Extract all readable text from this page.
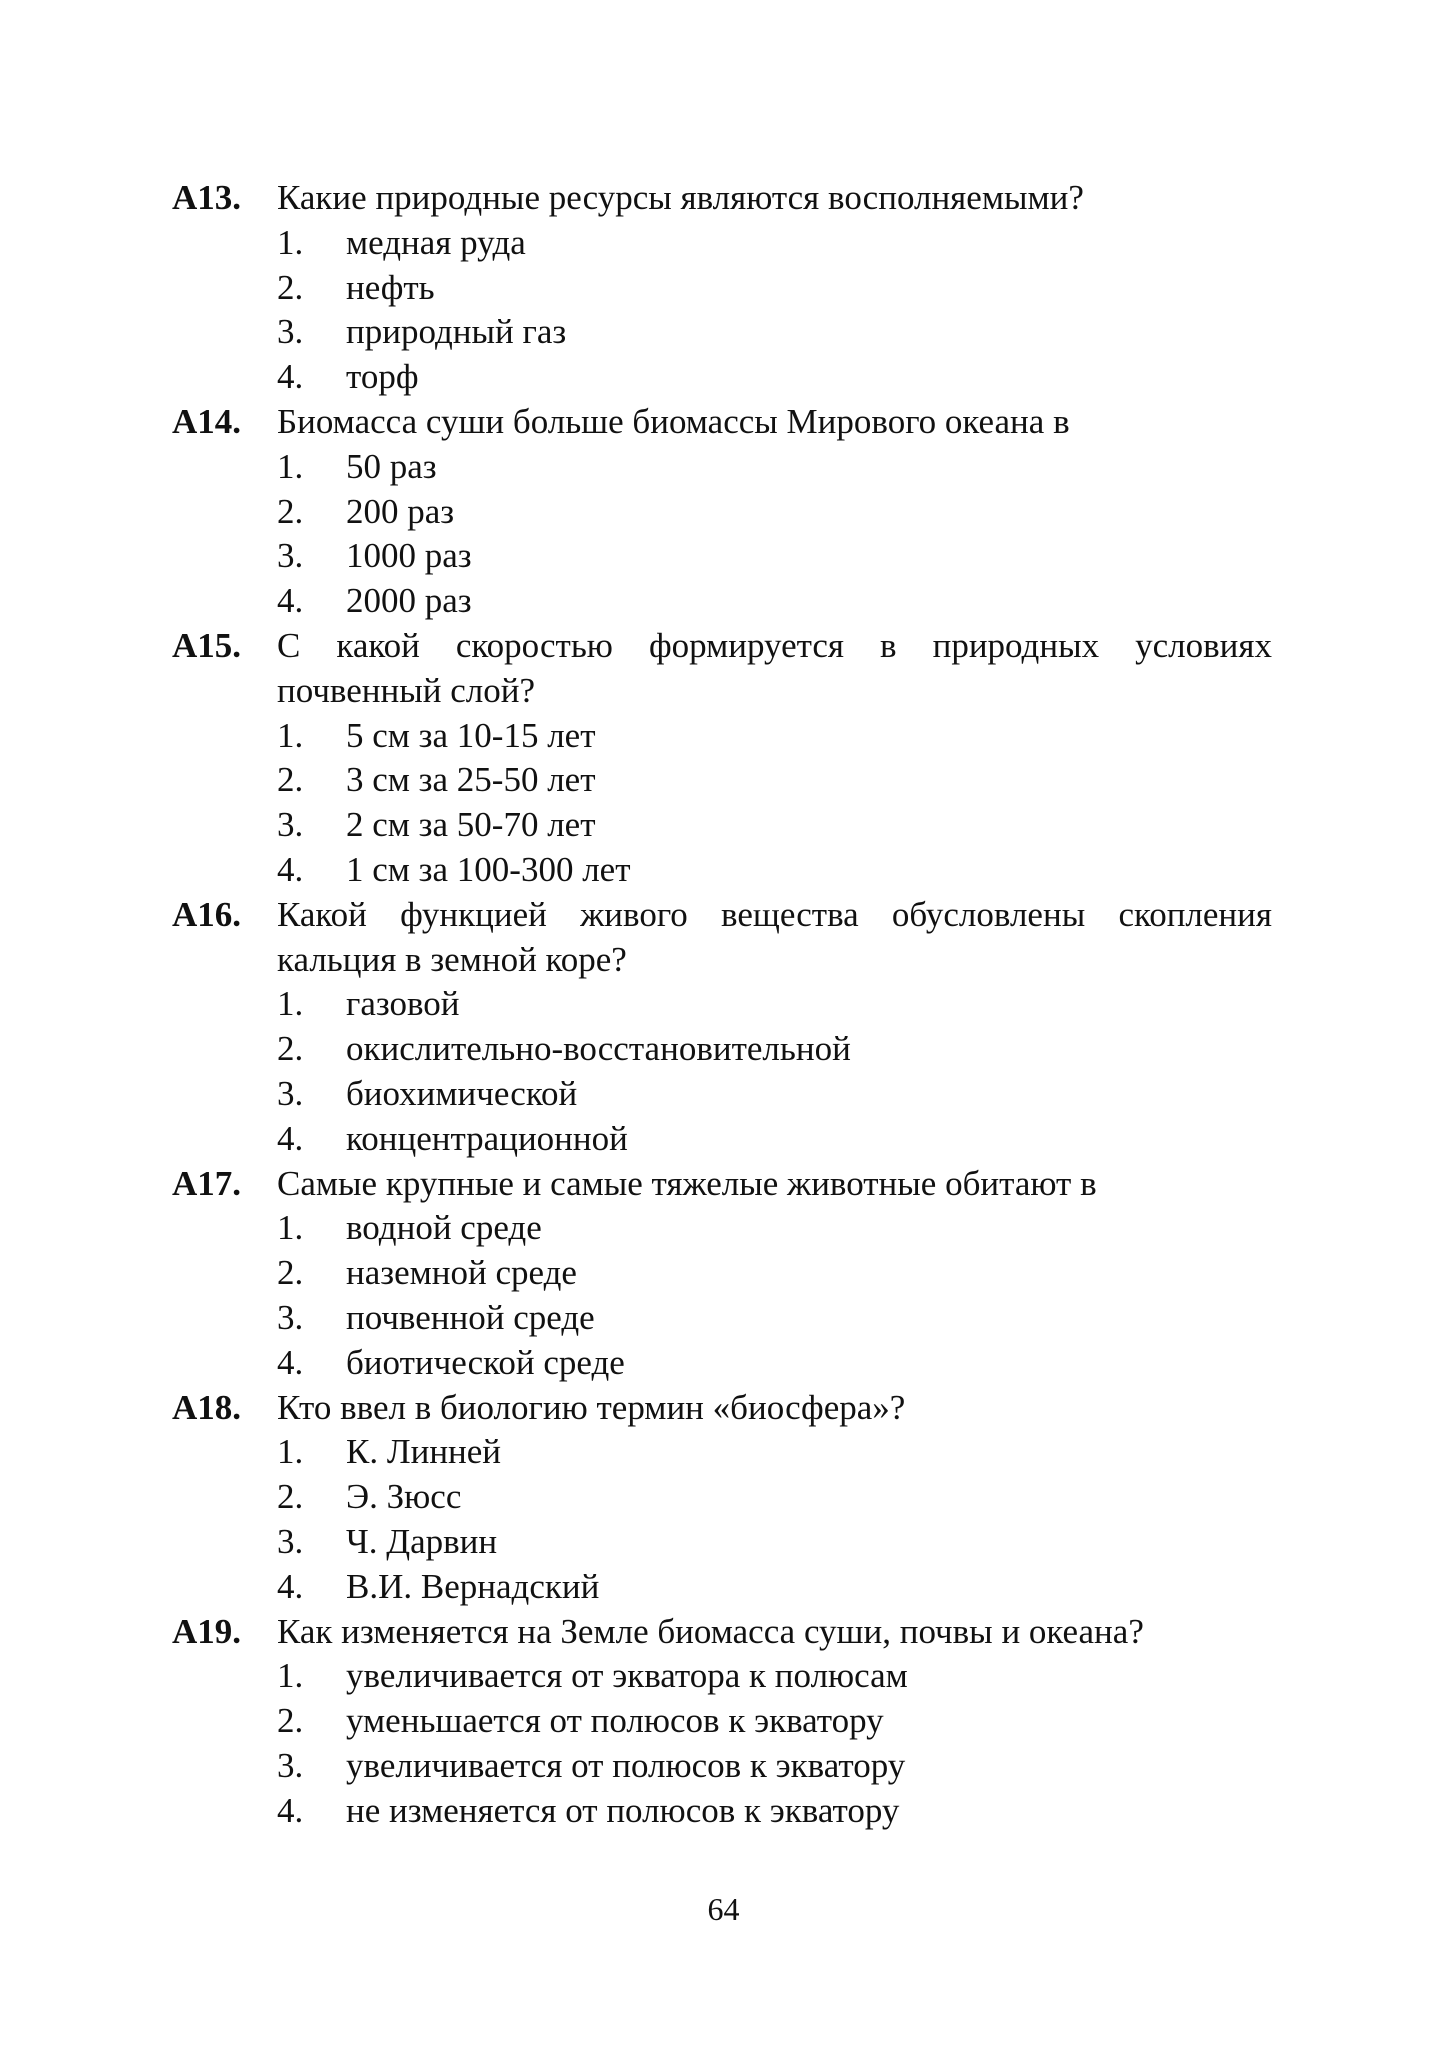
А13. Какие природные ресурсы являются восполняемыми?
1. медная руда
2. нефть
3. природный газ
4. торф
А14. Биомасса суши больше биомассы Мирового океана в
1. 50 раз
2. 200 раз
3. 1000 раз
4. 2000 раз
А15. С какой скоростью формируется в природных условиях почвенный слой?
1. 5 см за 10-15 лет
2. 3 см за 25-50 лет
3. 2 см за 50-70 лет
4. 1 см за 100-300 лет
А16. Какой функцией живого вещества обусловлены скопления кальция в земной коре?
1. газовой
2. окислительно-восстановительной
3. биохимической
4. концентрационной
А17. Самые крупные и самые тяжелые животные обитают в
1. водной среде
2. наземной среде
3. почвенной среде
4. биотической среде
А18. Кто ввел в биологию термин «биосфера»?
1. К. Линней
2. Э. Зюсс
3. Ч. Дарвин
4. В.И. Вернадский
А19. Как изменяется на Земле биомасса суши, почвы и океана?
1. увеличивается от экватора к полюсам
2. уменьшается от полюсов к экватору
3. увеличивается от полюсов к экватору
4. не изменяется от полюсов к экватору
64
